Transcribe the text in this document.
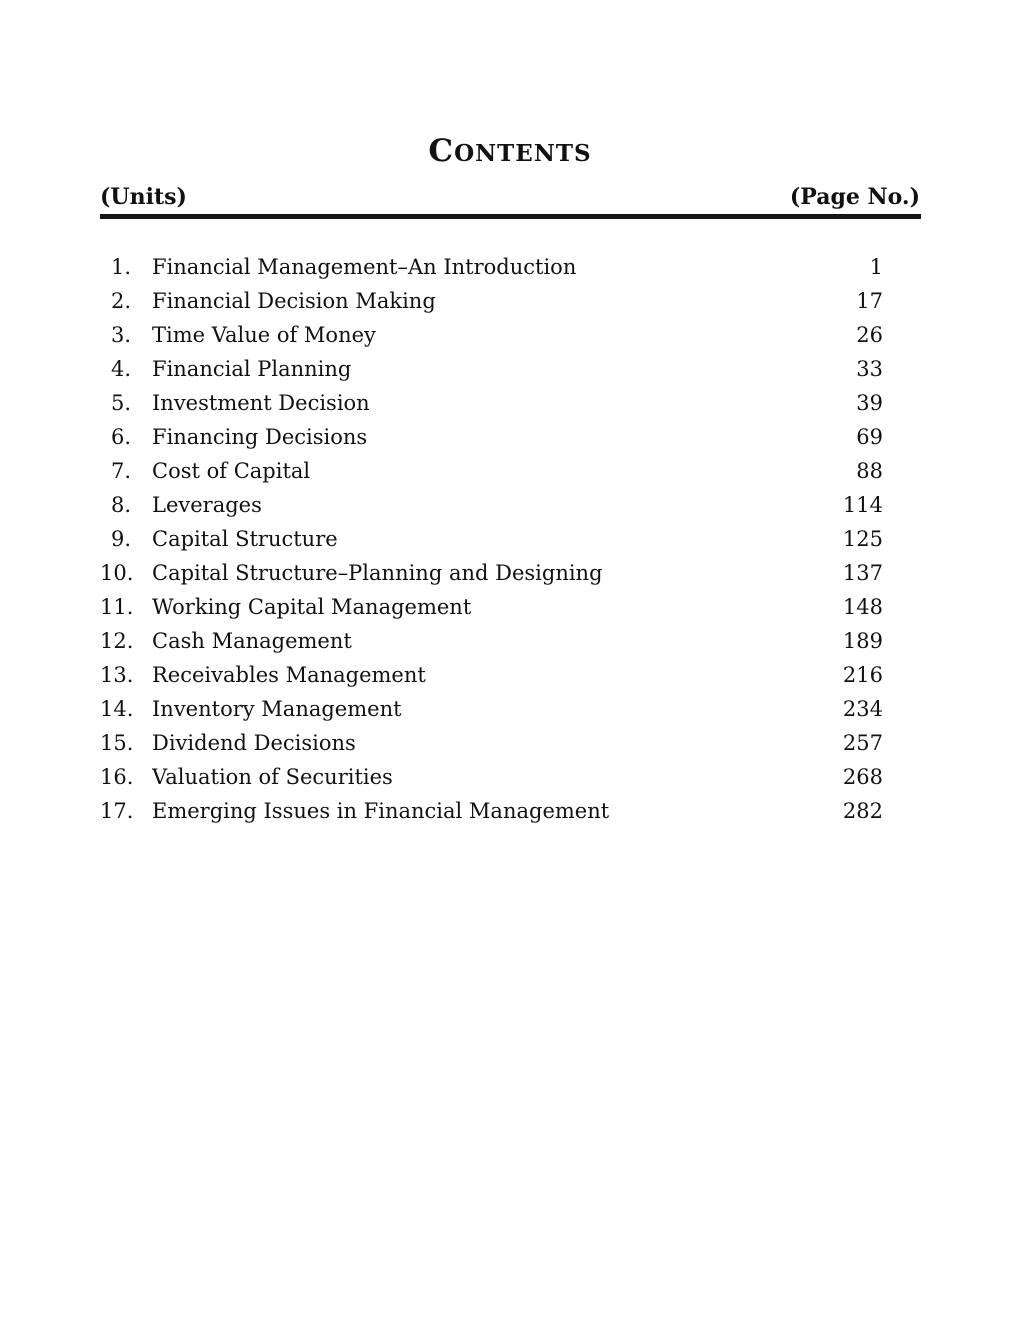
CONTENTS
(Units)	(Page No.)
1. Financial Management–An Introduction	1
2. Financial Decision Making	17
3. Time Value of Money	26
4. Financial Planning	33
5. Investment Decision	39
6. Financing Decisions	69
7. Cost of Capital	88
8. Leverages	114
9. Capital Structure	125
10. Capital Structure–Planning and Designing	137
11. Working Capital Management	148
12. Cash Management	189
13. Receivables Management	216
14. Inventory Management	234
15. Dividend Decisions	257
16. Valuation of Securities	268
17. Emerging Issues in Financial Management	282
